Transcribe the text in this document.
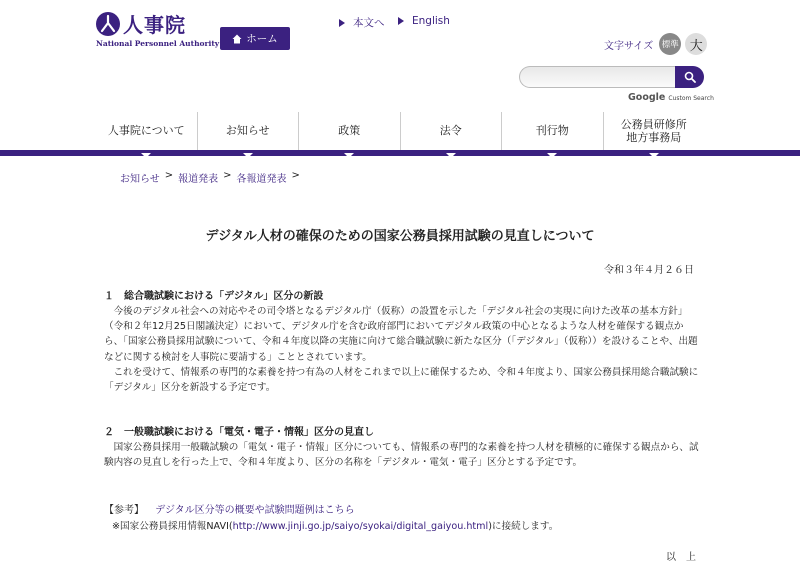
人事院
National Personnel Authority	ホーム
本文へ	English
文字サイズ 標準 大
Google Custom Search
人事院について	お知らせ	政策	法令	刊行物
公務員研修所
地方事務局
お知らせ > 報道発表 > 各報道発表 >
デジタル人材の確保のための国家公務員採用試験の見直しについて
令和３年４月２６日
１　総合職試験における「デジタル」区分の新設

今後のデジタル社会への対応やその司令塔となるデジタル庁（仮称）の設置を示した「デジタル社会の実現に向けた改革の基本方針」（令和２年12月25日閣議決定）において、デジタル庁を含む政府部門においてデジタル政策の中心となるような人材を確保する観点から、「国家公務員採用試験について、令和４年度以降の実施に向けて総合職試験に新たな区分（「デジタル」（仮称））を設けることや、出題などに関する検討を人事院に要請する」こととされています。

これを受けて、情報系の専門的な素養を持つ有為の人材をこれまで以上に確保するため、令和４年度より、国家公務員採用総合職試験に「デジタル」区分を新設する予定です。

２　一般職試験における「電気・電子・情報」区分の見直し

国家公務員採用一般職試験の「電気・電子・情報」区分についても、情報系の専門的な素養を持つ人材を積極的に確保する観点から、試験内容の見直しを行った上で、令和４年度より、区分の名称を「デジタル・電気・電子」区分とする予定です。

【参考】 デジタル区分等の概要や試験問題例はこちら
※国家公務員採用情報NAVI(http://www.jinji.go.jp/saiyo/syokai/digital_gaiyou.html)に接続します。
以　上
